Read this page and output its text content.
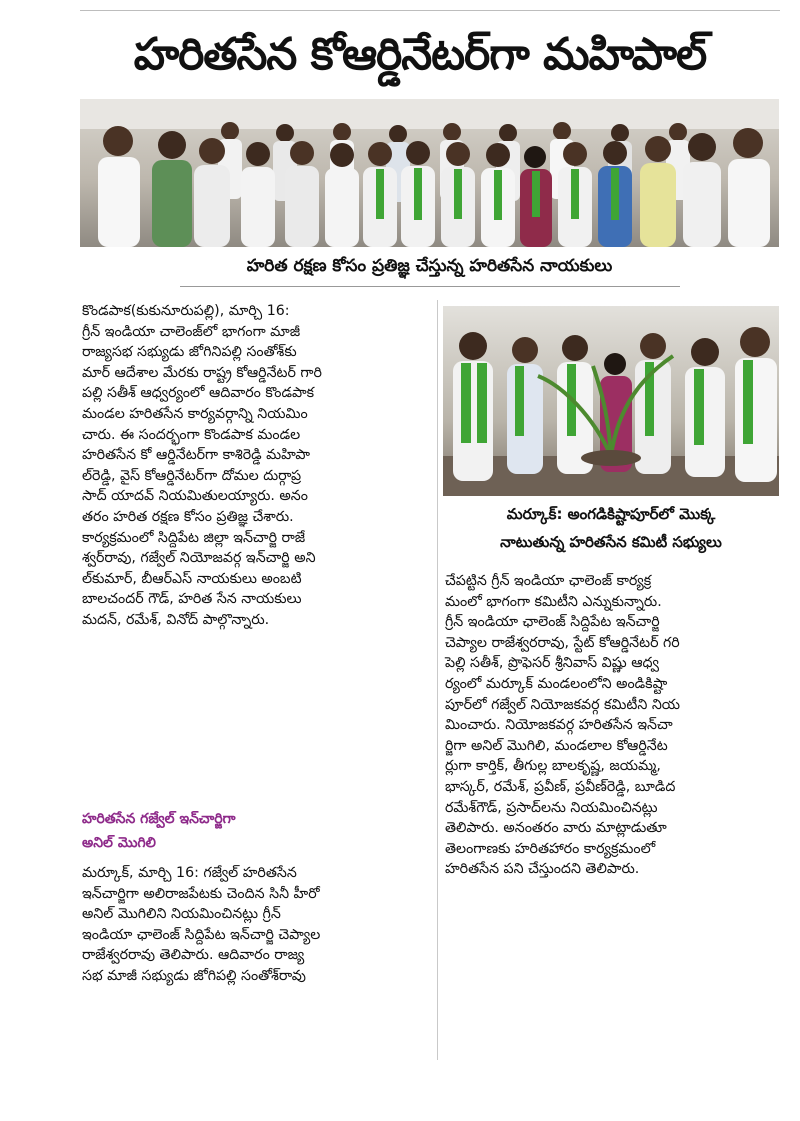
హరితసేన కోఆర్డినేటర్‌గా మహిపాల్
హరిత రక్షణ కోసం ప్రతిజ్ఞ చేస్తున్న హరితసేన నాయకులు
మర్కూక్: అంగడికిష్టాపూర్‌లో మొక్క
నాటుతున్న హరితసేన కమిటీ సభ్యులు

కొండపాక(కుకునూరుపల్లి), మార్చి 16:

గ్రీన్ ఇండియా చాలెంజ్‌లో భాగంగా మాజీ

రాజ్యసభ సభ్యుడు జోగినిపల్లి సంతోశ్‌కు

మార్ ఆదేశాల మేరకు రాష్ట్ర కోఆర్డినేటర్ గారి

పల్లి సతీశ్ ఆధ్వర్యంలో ఆదివారం కొండపాక

మండల హరితసేన కార్యవర్గాన్ని నియమిం

చారు. ఈ సందర్భంగా కొండపాక మండల

హరితసేన కో ఆర్డినేటర్‌గా కాశిరెడ్డి మహిపా

ల్‌రెడ్డి, వైస్ కోఆర్డినేటర్‌గా దోమల దుర్గాప్ర

సాద్ యాదవ్ నియమితులయ్యారు. అనం

తరం హరిత రక్షణ కోసం ప్రతిజ్ఞ చేశారు.

కార్యక్రమంలో సిద్దిపేట జిల్లా ఇన్‌చార్జి రాజే

శ్వర్‌రావు, గజ్వేల్ నియోజవర్గ ఇన్‌చార్జి అని

ల్‌కుమార్, బీఆర్‌ఎస్ నాయకులు అంబటి

బాలచందర్ గౌడ్, హరిత సేన నాయకులు

మదన్, రమేశ్, వినోద్ పాల్గొన్నారు.

హరితసేన గజ్వేల్ ఇన్‌చార్జిగా

అనిల్ మొగిలి

మర్కూక్, మార్చి 16: గజ్వేల్ హరితసేన

ఇన్‌చార్జిగా అలిరాజపేటకు చెందిన సినీ హీరో

అనిల్ మొగిలిని నియమించినట్లు గ్రీన్

ఇండియా ఛాలెంజ్ సిద్దిపేట ఇన్‌చార్జి చెప్యాల

రాజేశ్వరరావు తెలిపారు. ఆదివారం రాజ్య

సభ మాజీ సభ్యుడు జోగిపల్లి సంతోశ్‌రావు

చేపట్టిన గ్రీన్ ఇండియా ఛాలెంజ్ కార్యక్ర

మంలో భాగంగా కమిటీని ఎన్నుకున్నారు.

గ్రీన్ ఇండియా ఛాలెంజ్ సిద్దిపేట ఇన్‌చార్జి

చెప్యాల రాజేశ్వరరావు, స్టేట్ కోఆర్డినేటర్ గరి

పెల్లి సతీశ్, ప్రొఫెసర్ శ్రీనివాస్ విష్ణు ఆధ్వ

ర్యంలో మర్కూక్ మండలంలోని అండికిష్టా

పూర్‌లో గజ్వేల్ నియోజకవర్గ కమిటీని నియ

మించారు. నియోజకవర్గ హరితసేన ఇన్‌చా

ర్జిగా అనిల్ మొగిలి, మండలాల కోఆర్డినేట

ర్లుగా కార్తిక్, తీగుల్ల బాలకృష్ణ, జయమ్మ,

భాస్కర్, రమేశ్, ప్రవీణ్, ప్రవీణ్‌రెడ్డి, బూడిద

రమేశ్‌గౌడ్, ప్రసాద్‌లను నియమించినట్లు

తెలిపారు. అనంతరం వారు మాట్లాడుతూ

తెలంగాణకు హరితహారం కార్యక్రమంలో

హరితసేన పని చేస్తుందని తెలిపారు.
